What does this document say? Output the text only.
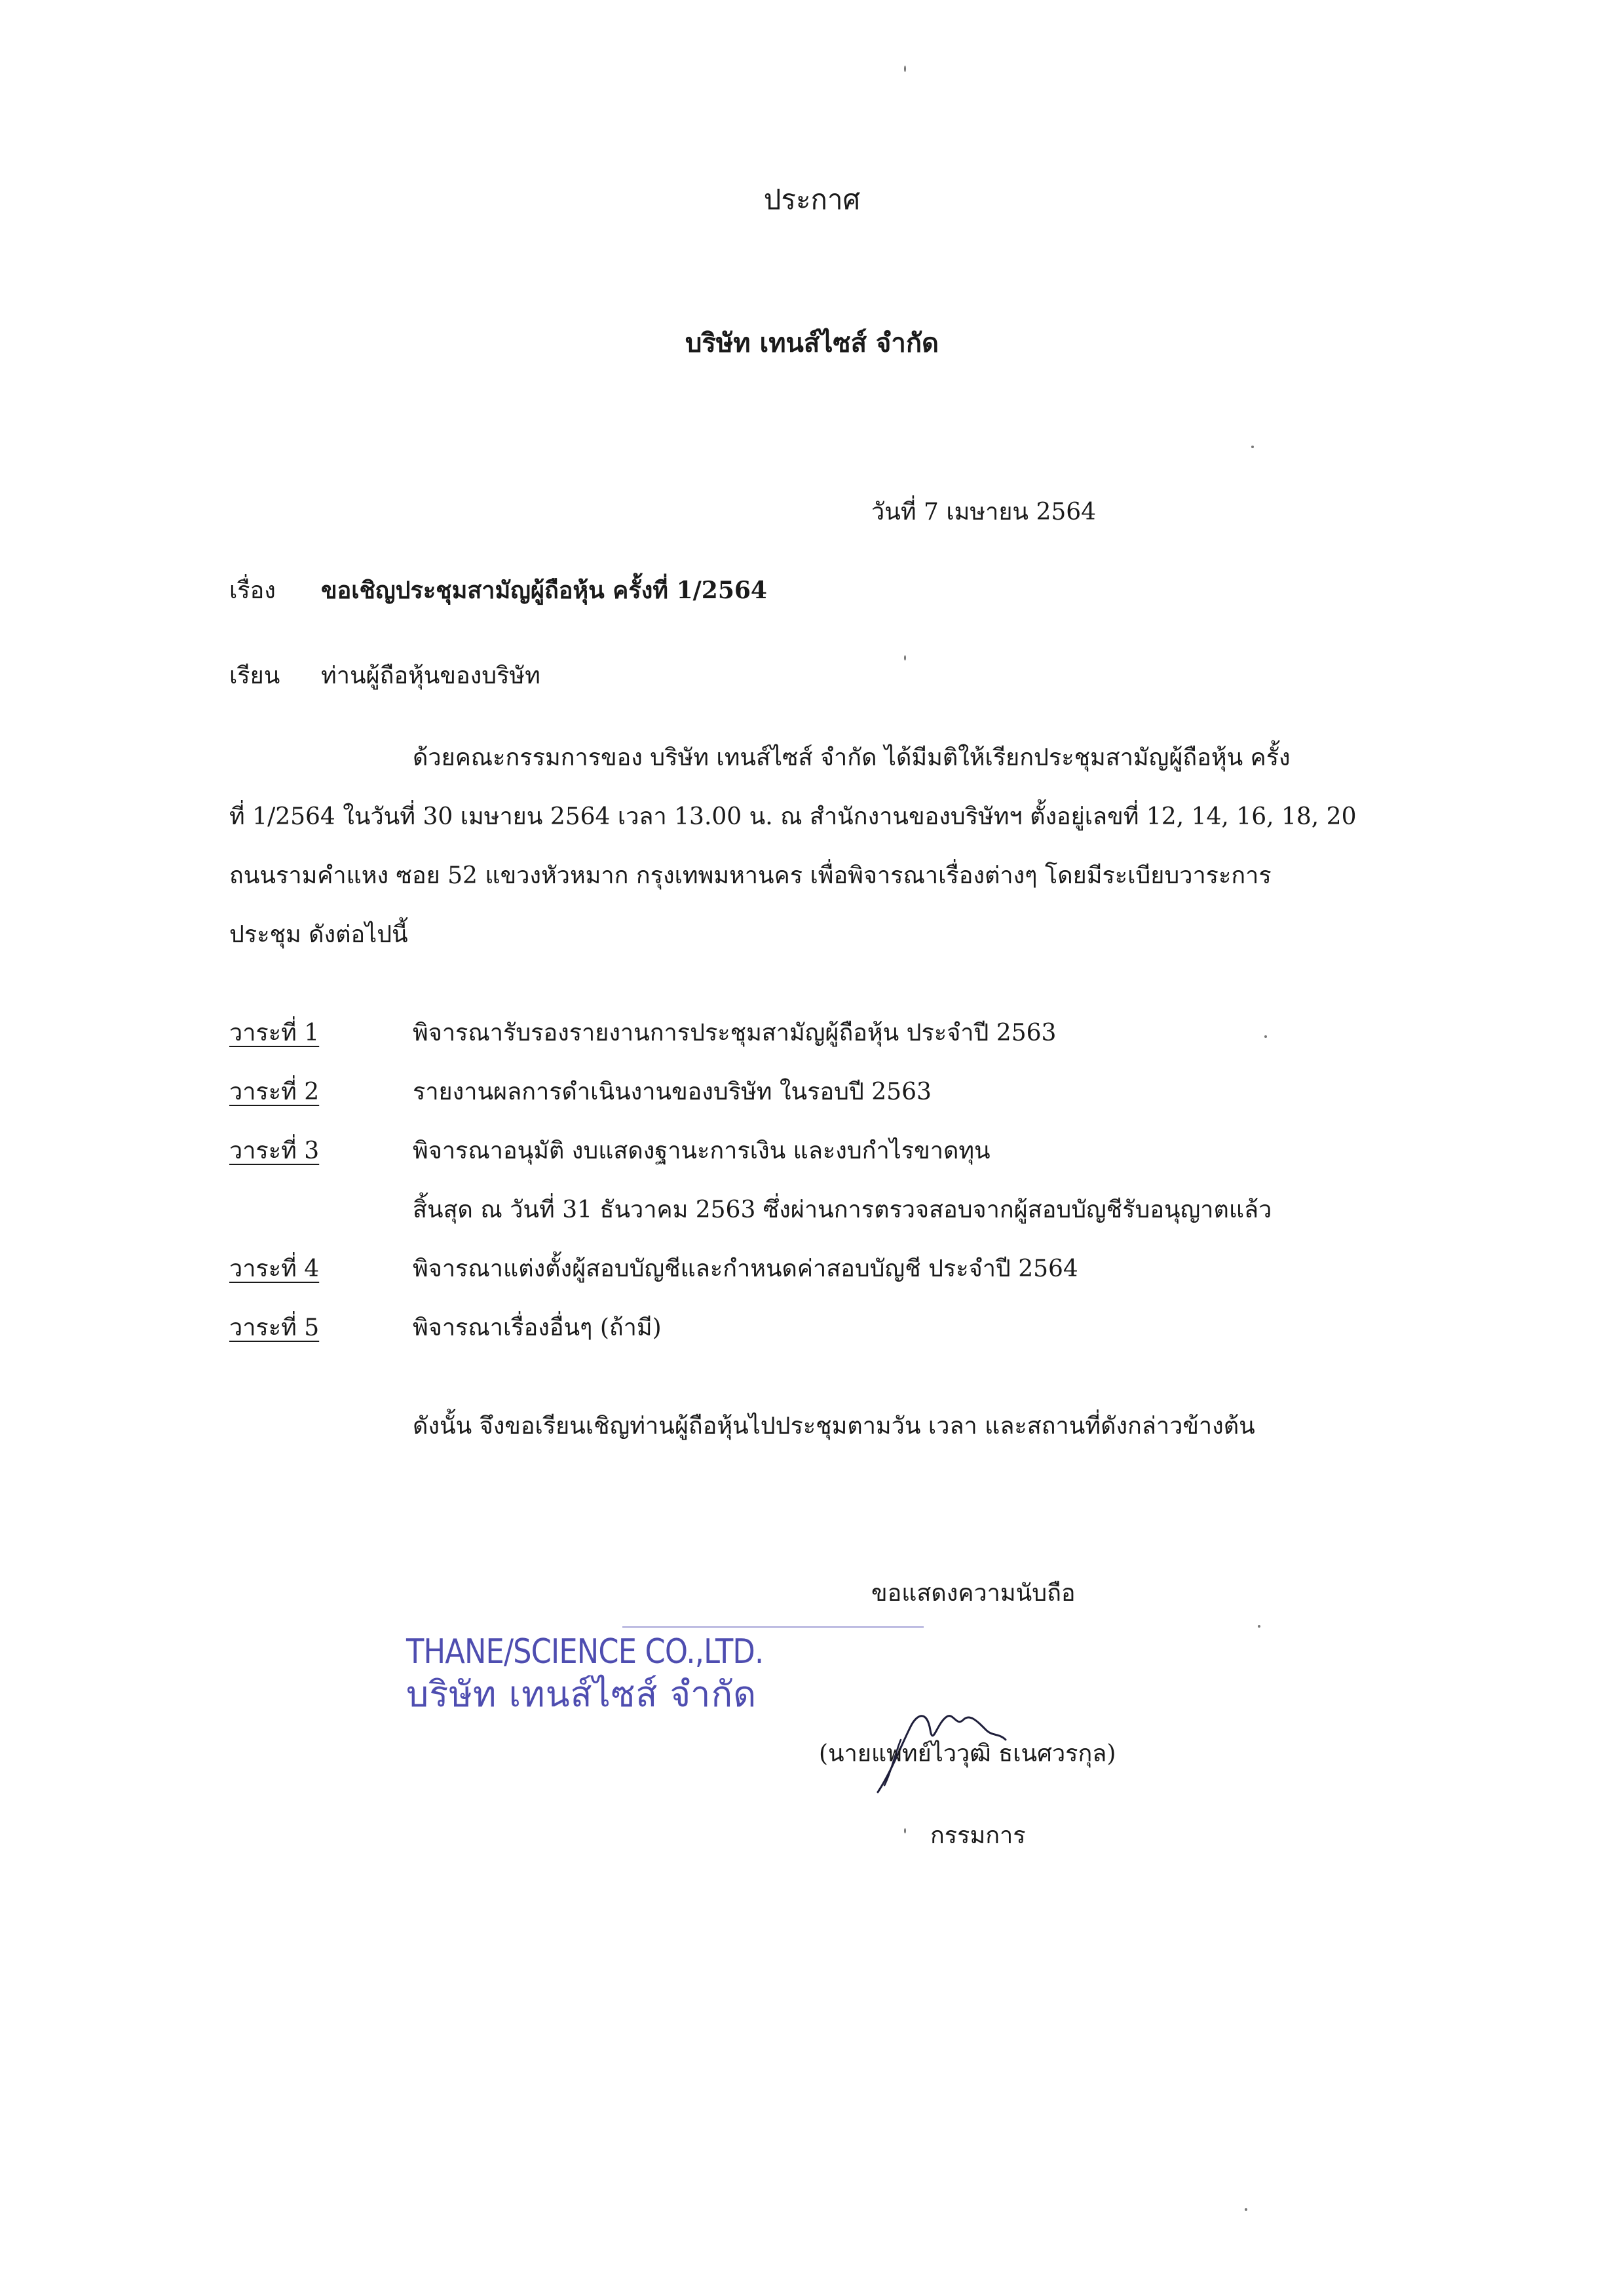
ประกาศ
บริษัท เทนส์ไซส์ จำกัด
วันที่ 7 เมษายน 2564
เรื่อง ขอเชิญประชุมสามัญผู้ถือหุ้น ครั้งที่ 1/2564
เรียน ท่านผู้ถือหุ้นของบริษัท
ด้วยคณะกรรมการของ บริษัท เทนส์ไซส์ จำกัด ได้มีมติให้เรียกประชุมสามัญผู้ถือหุ้น ครั้ง
ที่ 1/2564 ในวันที่ 30 เมษายน 2564 เวลา 13.00 น. ณ สำนักงานของบริษัทฯ ตั้งอยู่เลขที่ 12, 14, 16, 18, 20
ถนนรามคำแหง ซอย 52 แขวงหัวหมาก กรุงเทพมหานคร เพื่อพิจารณาเรื่องต่างๆ โดยมีระเบียบวาระการ
ประชุม ดังต่อไปนี้
วาระที่ 1	พิจารณารับรองรายงานการประชุมสามัญผู้ถือหุ้น ประจำปี 2563
วาระที่ 2	รายงานผลการดำเนินงานของบริษัท ในรอบปี 2563
วาระที่ 3	พิจารณาอนุมัติ งบแสดงฐานะการเงิน และงบกำไรขาดทุน
สิ้นสุด ณ วันที่ 31 ธันวาคม 2563 ซึ่งผ่านการตรวจสอบจากผู้สอบบัญชีรับอนุญาตแล้ว
วาระที่ 4	พิจารณาแต่งตั้งผู้สอบบัญชีและกำหนดค่าสอบบัญชี ประจำปี 2564
วาระที่ 5	พิจารณาเรื่องอื่นๆ (ถ้ามี)
ดังนั้น จึงขอเรียนเชิญท่านผู้ถือหุ้นไปประชุมตามวัน เวลา และสถานที่ดังกล่าวข้างต้น
ขอแสดงความนับถือ
THANE/SCIENCE CO.,LTD.
บริษัท เทนส์ไซส์ จำกัด
(นายแพทย์ไววุฒิ ธเนศวรกุล)
กรรมการ
